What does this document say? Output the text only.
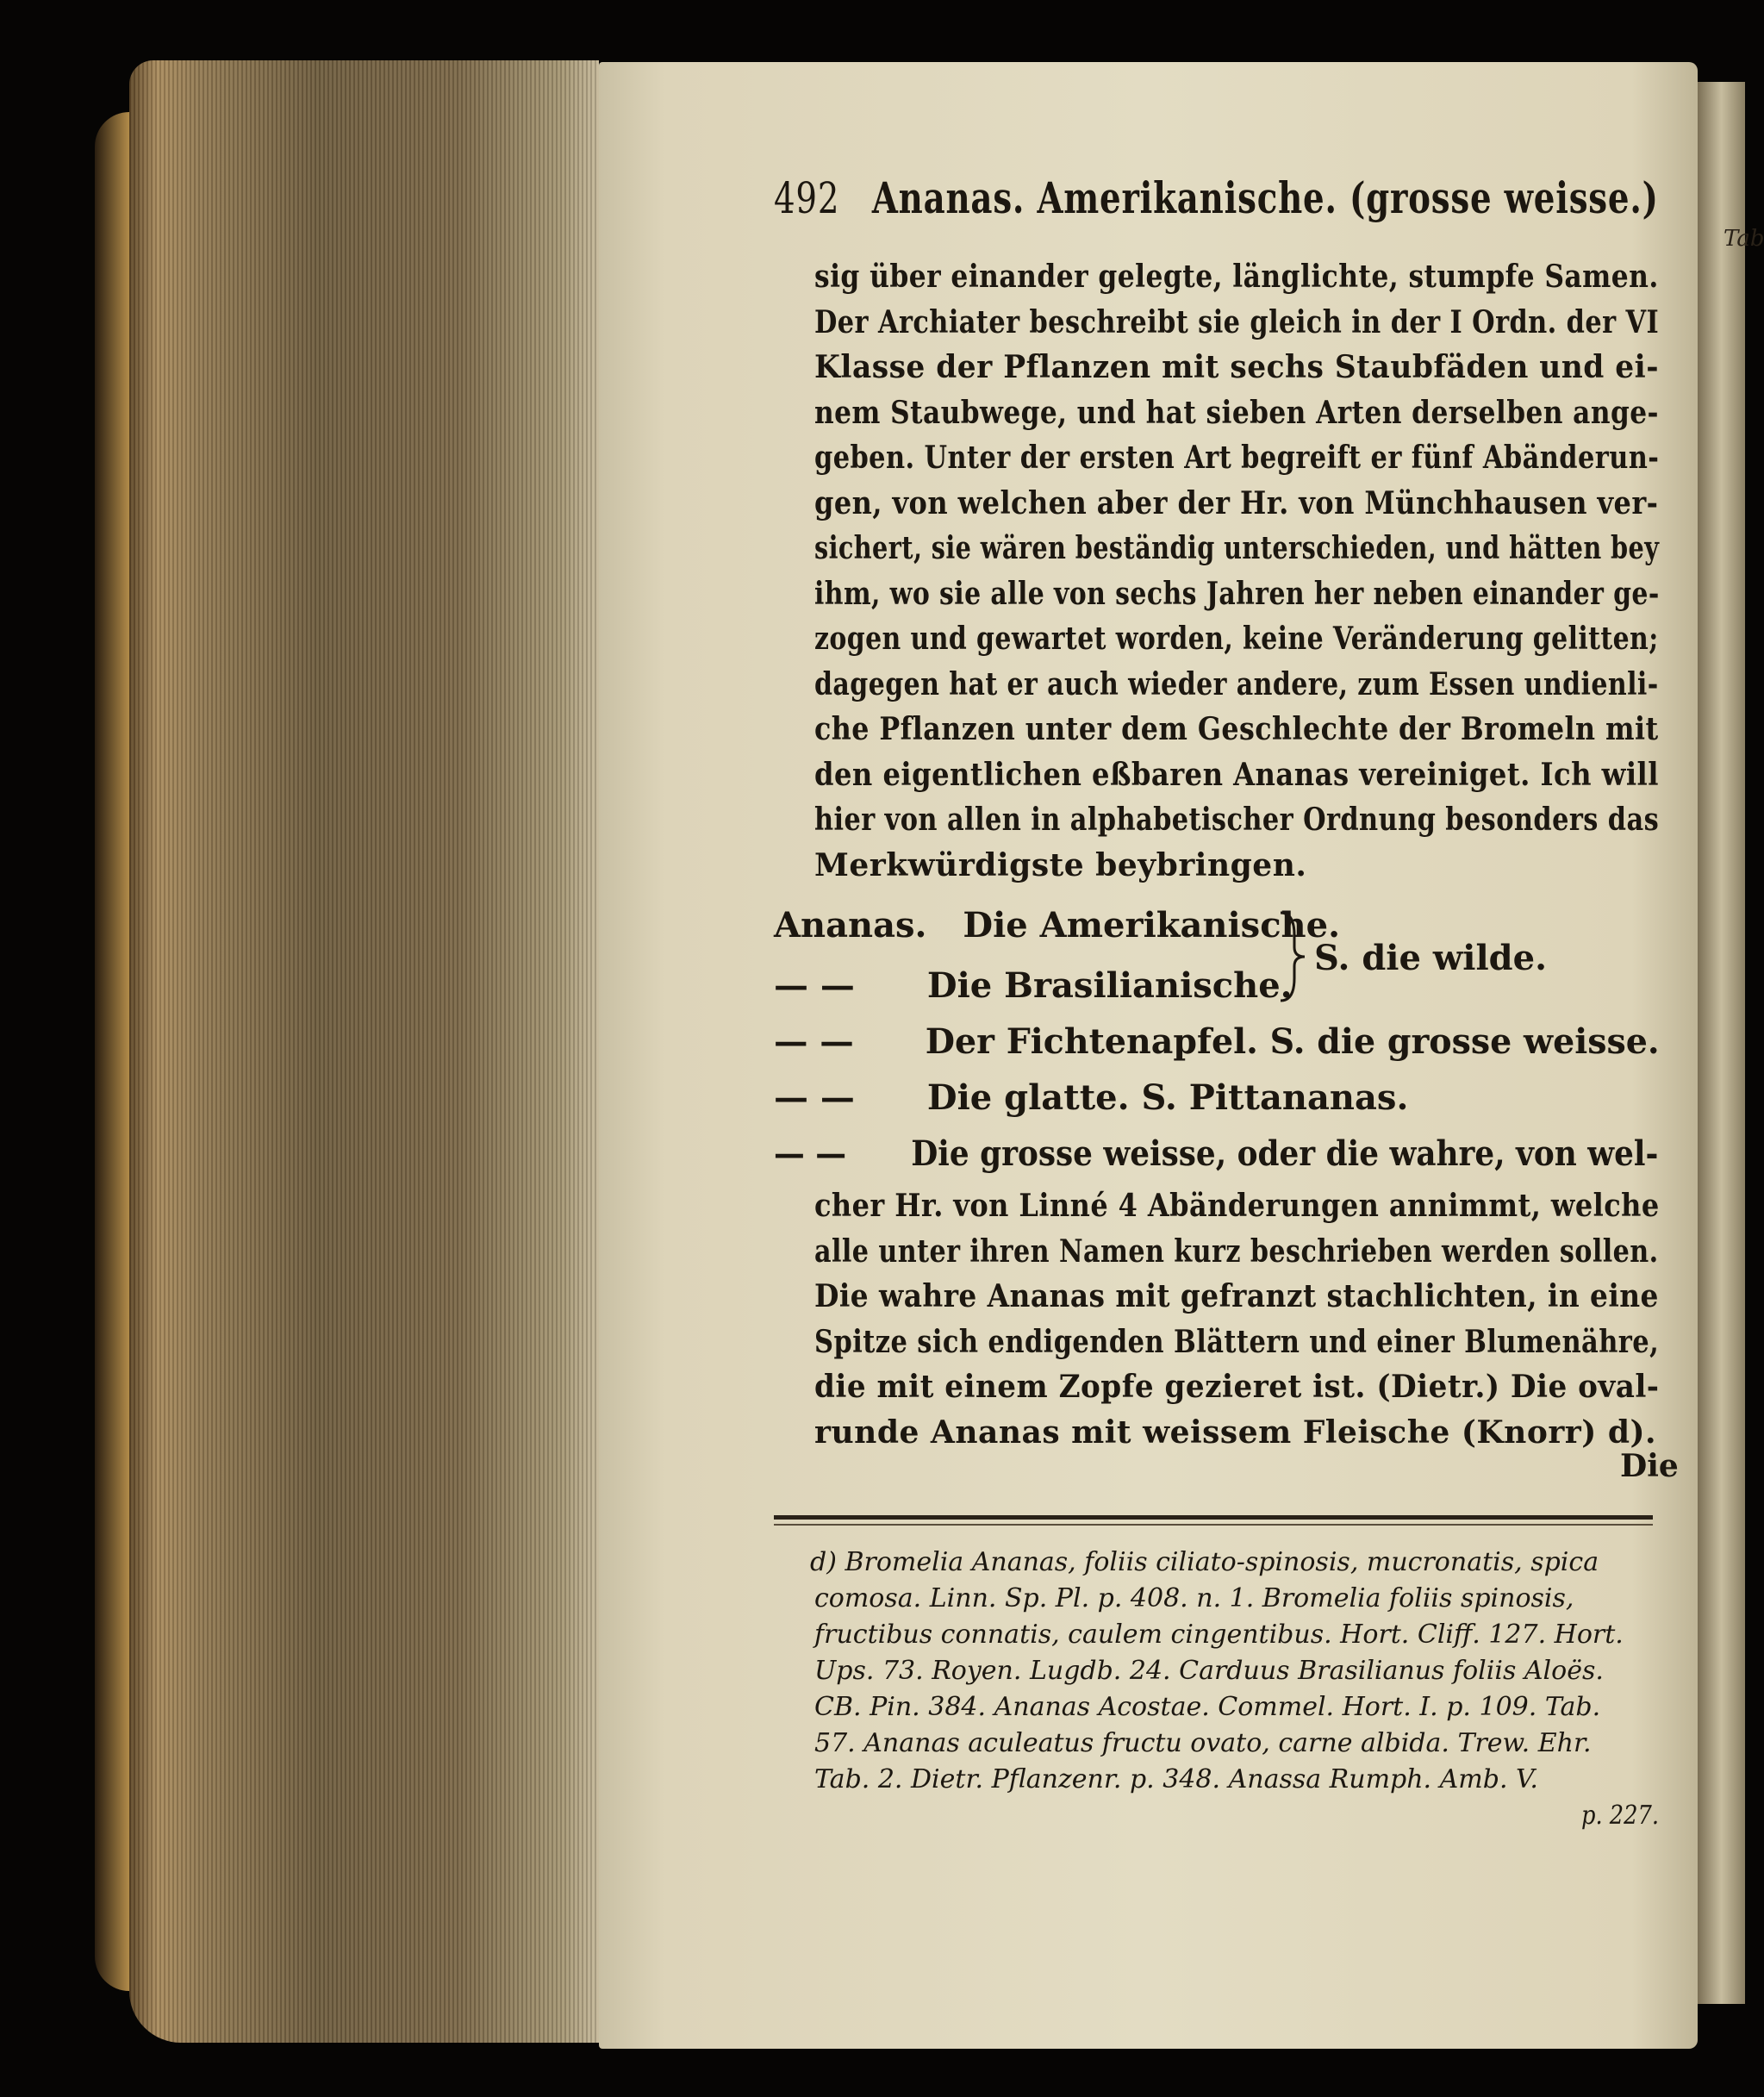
Tab
492 Ananas. Amerikanische. (grosse weisse.)
sig über einander gelegte, länglichte, stumpfe Samen.
Der Archiater beschreibt sie gleich in der I Ordn. der VI
Klasse der Pflanzen mit sechs Staubfäden und ei-
nem Staubwege, und hat sieben Arten derselben ange-
geben. Unter der ersten Art begreift er fünf Abänderun-
gen, von welchen aber der Hr. von Münchhausen ver-
sichert, sie wären beständig unterschieden, und hätten bey
ihm, wo sie alle von sechs Jahren her neben einander ge-
zogen und gewartet worden, keine Veränderung gelitten;
dagegen hat er auch wieder andere, zum Essen undienli-
che Pflanzen unter dem Geschlechte der Bromeln mit
den eigentlichen eßbaren Ananas vereiniget. Ich will
hier von allen in alphabetischer Ordnung besonders das
Merkwürdigste beybringen.
Ananas. Die Amerikanische.
— — Die Brasilianische.
S. die wilde.
— — Der Fichtenapfel. S. die grosse weisse.
— — Die glatte. S. Pittananas.
— — Die grosse weisse, oder die wahre, von wel-
cher Hr. von Linné 4 Abänderungen annimmt, welche
alle unter ihren Namen kurz beschrieben werden sollen.
Die wahre Ananas mit gefranzt stachlichten, in eine
Spitze sich endigenden Blättern und einer Blumenähre,
die mit einem Zopfe gezieret ist. (Dietr.) Die oval-
runde Ananas mit weissem Fleische (Knorr) d).
Die
d) Bromelia Ananas, foliis ciliato-spinosis, mucronatis, spica
comosa. Linn. Sp. Pl. p. 408. n. 1. Bromelia foliis spinosis,
fructibus connatis, caulem cingentibus. Hort. Cliff. 127. Hort.
Ups. 73. Royen. Lugdb. 24. Carduus Brasilianus foliis Aloës.
CB. Pin. 384. Ananas Acostae. Commel. Hort. I. p. 109. Tab.
57. Ananas aculeatus fructu ovato, carne albida. Trew. Ehr.
Tab. 2. Dietr. Pflanzenr. p. 348. Anassa Rumph. Amb. V.
p. 227.
